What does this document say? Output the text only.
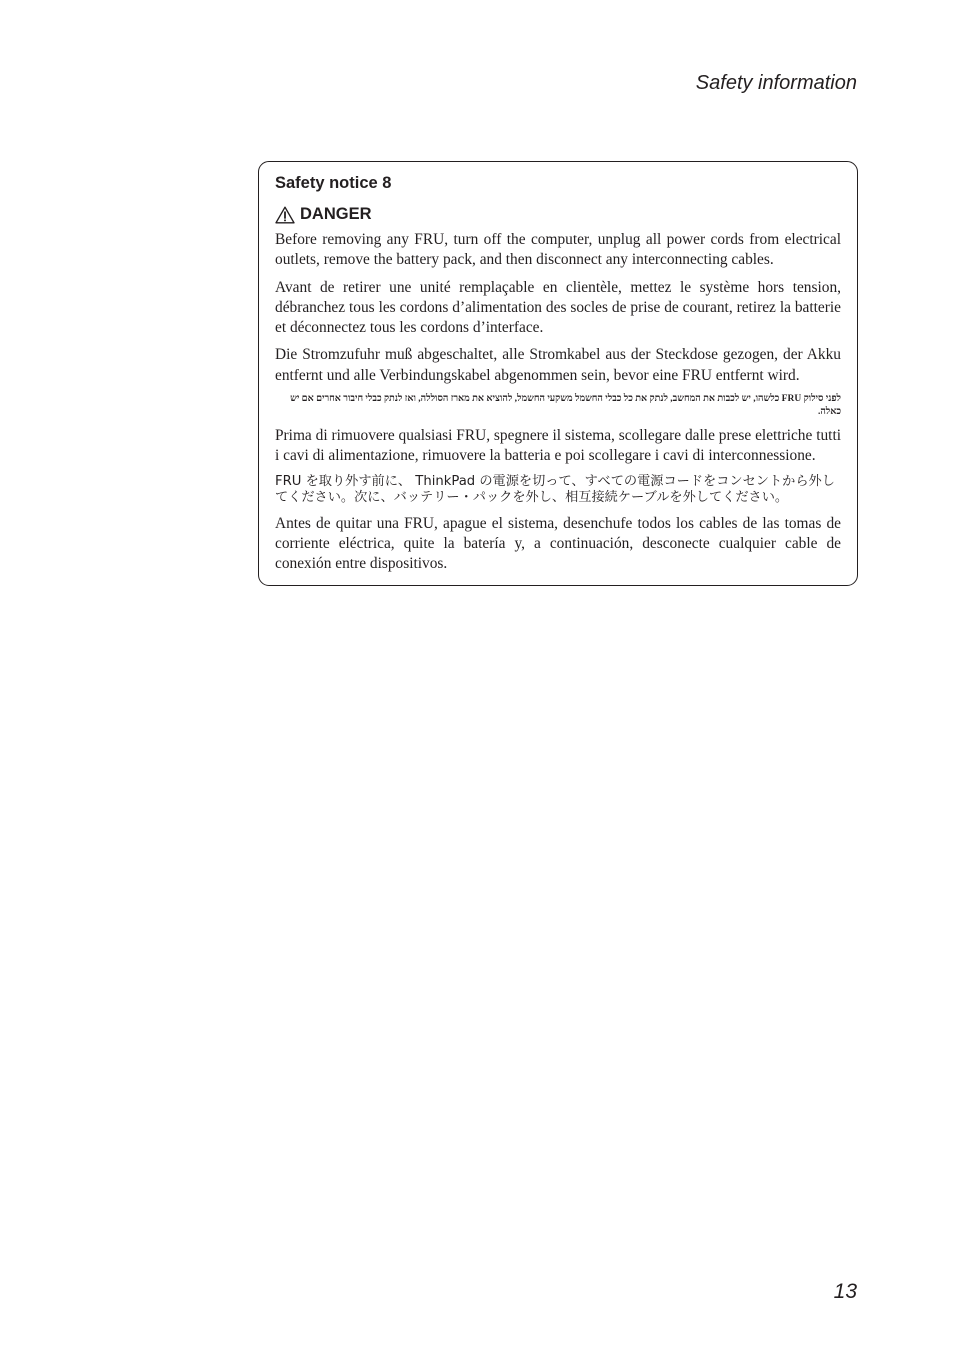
Safety information
Safety notice 8
DANGER

Before removing any FRU, turn off the computer, unplug all power cords from electrical outlets, remove the battery pack, and then disconnect any interconnecting cables.

Avant de retirer une unité remplaçable en clientèle, mettez le système hors tension, débranchez tous les cordons d’alimentation des socles de prise de courant, retirez la batterie et déconnectez tous les cordons d’interface.

Die Stromzufuhr muß abgeschaltet, alle Stromkabel aus der Steckdose gezogen, der Akku entfernt und alle Verbindungskabel abgenommen sein, bevor eine FRU entfernt wird.

לפני סילוק FRU כלשהו, יש לכבות את המחשב, לנתק את כל כבלי החשמל משקעי החשמל, להוציא את מארז הסוללה, ואז לנתק כבלי חיבור אחרים אם יש כאלה.

Prima di rimuovere qualsiasi FRU, spegnere il sistema, scollegare dalle prese elettriche tutti i cavi di alimentazione, rimuovere la batteria e poi scollegare i cavi di interconnessione.

FRU を取り外す前に、 ThinkPad の電源を切って、すべての電源コードをコンセントから外してください。次に、バッテリー・パックを外し、相互接続ケーブルを外してください。

Antes de quitar una FRU, apague el sistema, desenchufe todos los cables de las tomas de corriente eléctrica, quite la batería y, a continuación, desconecte cualquier cable de conexión entre dispositivos.

13
